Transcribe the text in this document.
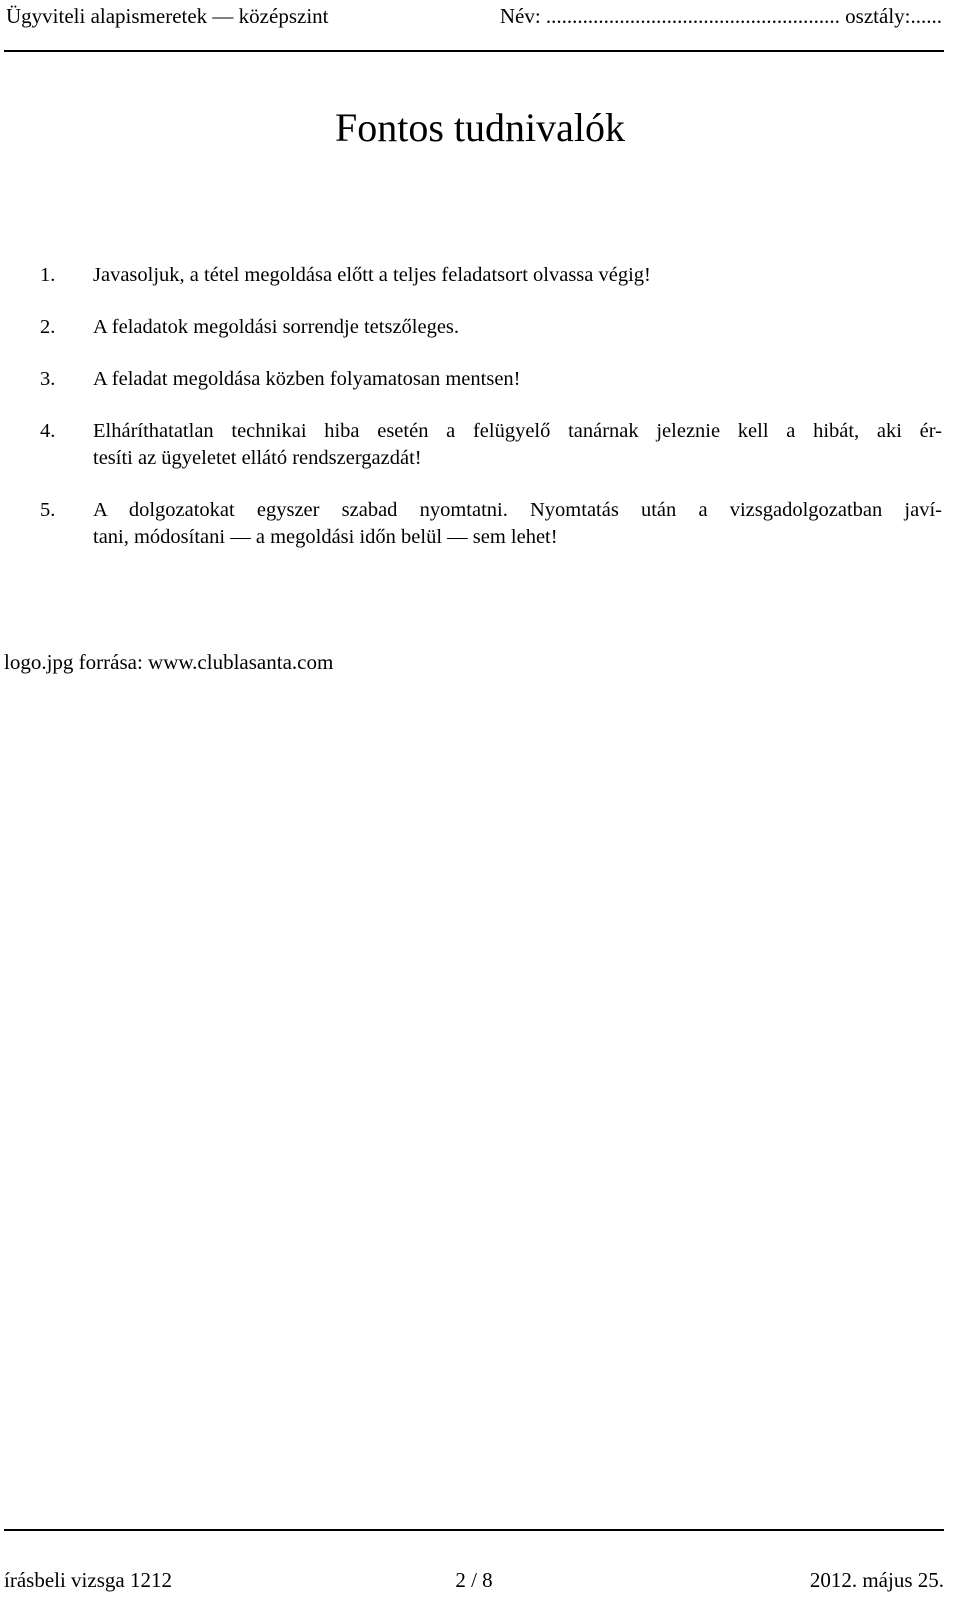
Ügyviteli alapismeretek — középszint	Név: ........................................................ osztály:......
Fontos tudnivalók
1. Javasoljuk, a tétel megoldása előtt a teljes feladatsort olvassa végig!
2. A feladatok megoldási sorrendje tetszőleges.
3. A feladat megoldása közben folyamatosan mentsen!
4. Elháríthatatlan technikai hiba esetén a felügyelő tanárnak jeleznie kell a hibát, aki ér-
tesíti az ügyeletet ellátó rendszergazdát!
5. A dolgozatokat egyszer szabad nyomtatni. Nyomtatás után a vizsgadolgozatban javí-
tani, módosítani — a megoldási időn belül — sem lehet!
logo.jpg forrása: www.clublasanta.com
írásbeli vizsga 1212	2 / 8	2012. május 25.
